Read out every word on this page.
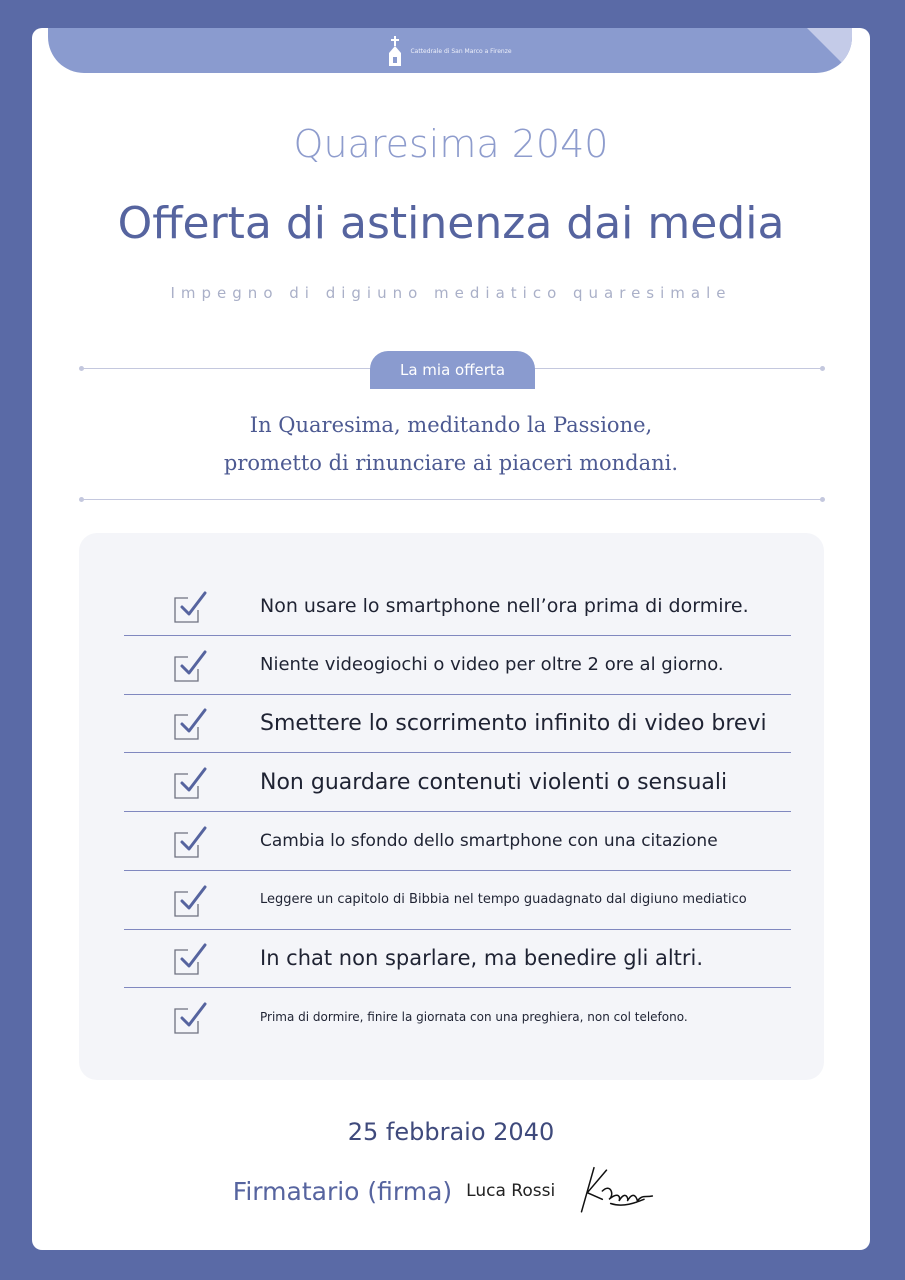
Cattedrale di San Marco a Firenze
Quaresima 2040
Offerta di astinenza dai media
Impegno di digiuno mediatico quaresimale
La mia offerta
In Quaresima, meditando la Passione,
prometto di rinunciare ai piaceri mondani.
Non usare lo smartphone nell’ora prima di dormire.
Niente videogiochi o video per oltre 2 ore al giorno.
Smettere lo scorrimento infinito di video brevi
Non guardare contenuti violenti o sensuali
Cambia lo sfondo dello smartphone con una citazione
Leggere un capitolo di Bibbia nel tempo guadagnato dal digiuno mediatico
In chat non sparlare, ma benedire gli altri.
Prima di dormire, finire la giornata con una preghiera, non col telefono.
25 febbraio 2040
Firmatario (firma) Luca Rossi
